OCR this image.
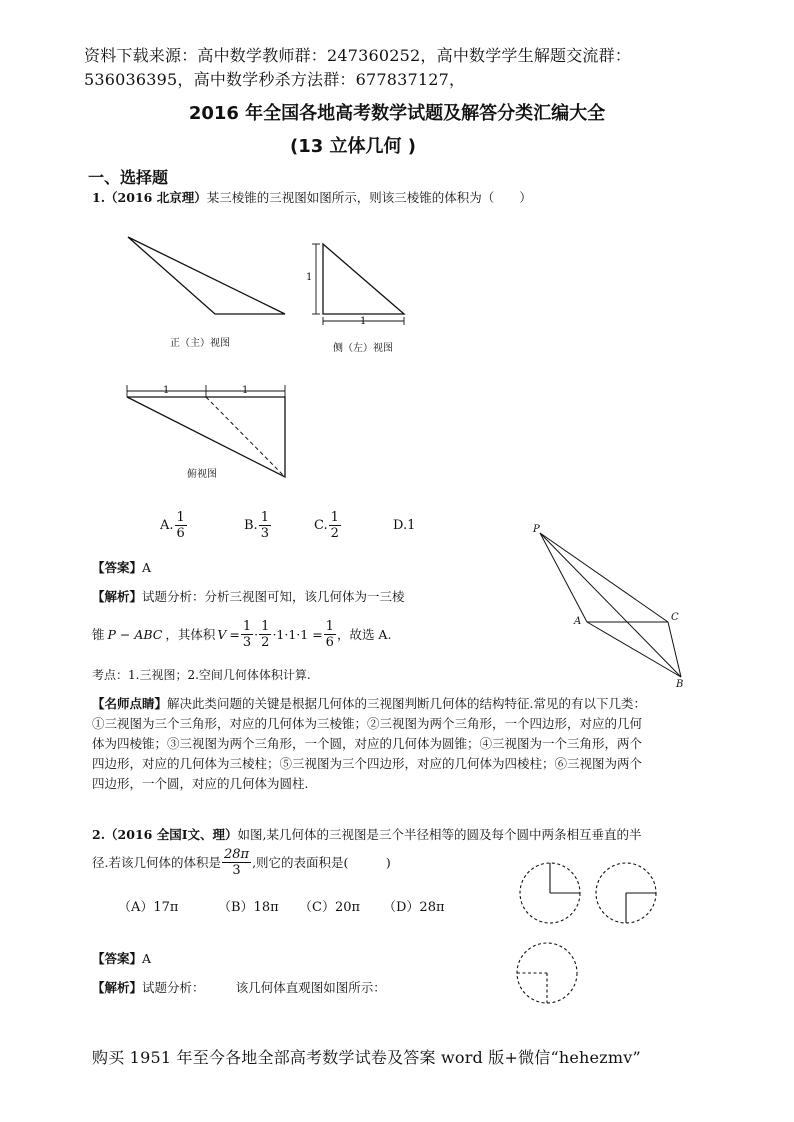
资料下载来源：高中数学教师群：247360252，高中数学学生解题交流群：
536036395，高中数学秒杀方法群：677837127，
2016 年全国各地高考数学试题及解答分类汇编大全
(13 立体几何 )
一、选择题
1.（2016 北京理）某三棱锥的三视图如图所示，则该三棱锥的体积为（　　）
1
1
1	1
正（主）视图	侧（左）视图
俯视图
P
A	C
B
A. $\frac{1}{6}$	B. $\frac{1}{3}$	C. $\frac{1}{2}$	D. 1
【答案】A
【解析】试题分析：分析三视图可知，该几何体为一三棱
锥 P − ABC ，其体积 $V = \frac{1}{3} \cdot \frac{1}{2} \cdot 1\cdot 1\cdot 1 = \frac{1}{6}$ ，故选 A.
考点：1.三视图；2.空间几何体体积计算.
【名师点睛】解决此类问题的关键是根据几何体的三视图判断几何体的结构特征.常见的有以下几类：
①三视图为三个三角形，对应的几何体为三棱锥；②三视图为两个三角形，一个四边形，对应的几何
体为四棱锥；③三视图为两个三角形，一个圆，对应的几何体为圆锥；④三视图为一个三角形，两个
四边形，对应的几何体为三棱柱；⑤三视图为三个四边形，对应的几何体为四棱柱；⑥三视图为两个
四边形，一个圆，对应的几何体为圆柱.
2.（2016 全国Ⅰ文、理）如图,某几何体的三视图是三个半径相等的圆及每个圆中两条相互垂直的半
径.若该几何体的体积是 $\frac{28\pi}{3}$ ,则它的表面积是(　　　)
（A）17π	（B）18π （C）20π （D）28π
【答案】A
【解析】试题分析：　　　该几何体直观图如图所示：
购买 1951 年至今各地全部高考数学试卷及答案 word 版+微信“hehezmv”
